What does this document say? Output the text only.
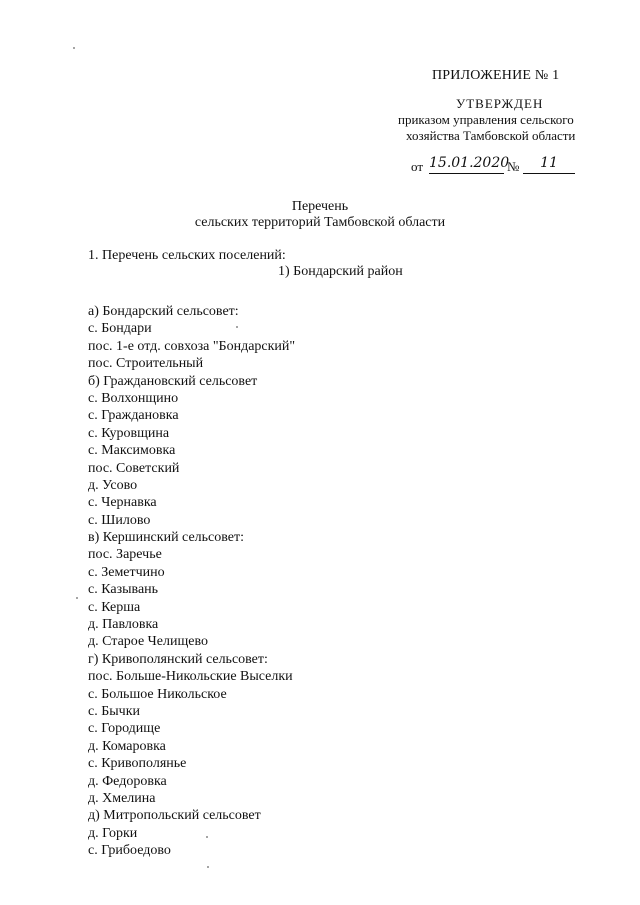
ПРИЛОЖЕНИЕ № 1
УТВЕРЖДЕН
приказом управления сельского
хозяйства Тамбовской области
от 15.01.2020
№	11
Перечень
сельских территорий Тамбовской области
1. Перечень сельских поселений:
1) Бондарский район
а) Бондарский сельсовет:
с. Бондари
пос. 1-е отд. совхоза "Бондарский"
пос. Строительный
б) Граждановский сельсовет
с. Волхонщино
с. Граждановка
с. Куровщина
с. Максимовка
пос. Советский
д. Усово
с. Чернавка
с. Шилово
в) Кершинский сельсовет:
пос. Заречье
с. Земетчино
с. Казывань
с. Керша
д. Павловка
д. Старое Челищево
г) Кривополянский сельсовет:
пос. Больше-Никольские Выселки
с. Большое Никольское
с. Бычки
с. Городище
д. Комаровка
с. Кривополянье
д. Федоровка
д. Хмелина
д) Митропольский сельсовет
д. Горки
с. Грибоедово
